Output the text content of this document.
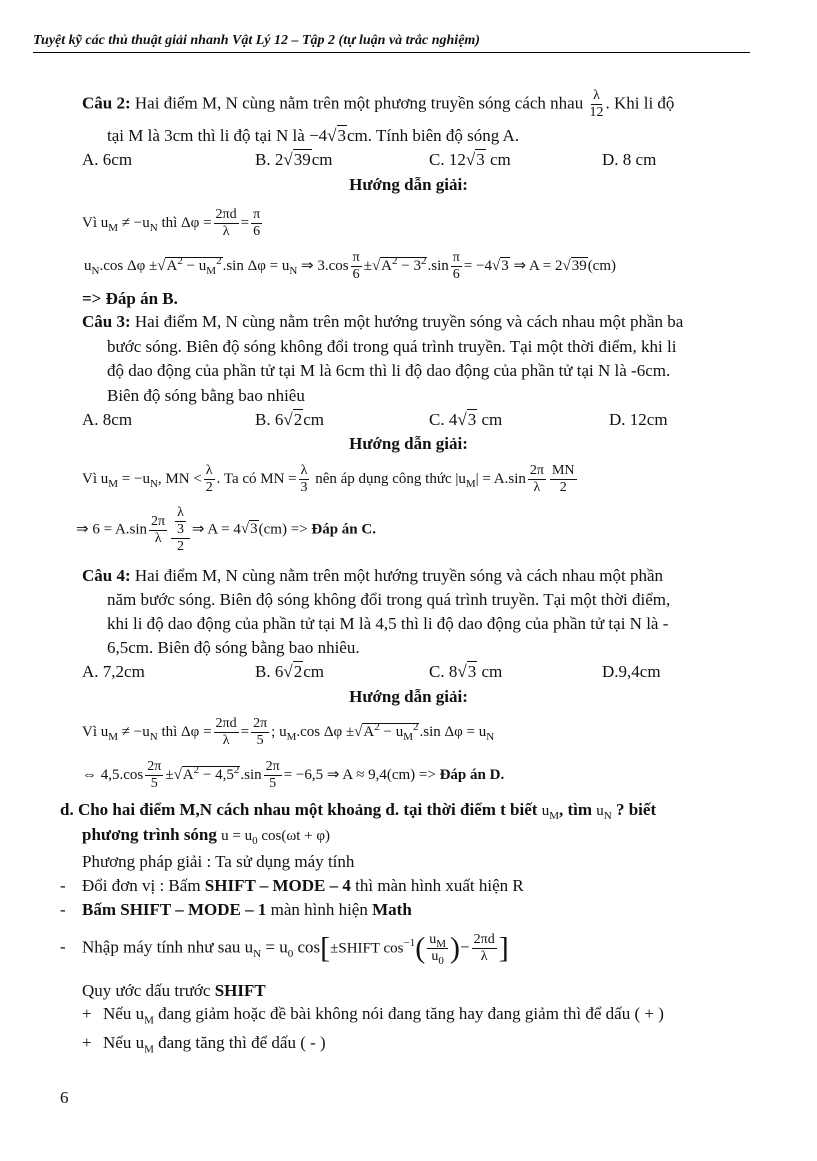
Tuyệt kỹ các thủ thuật giải nhanh Vật Lý 12 – Tập 2 (tự luận và trắc nghiệm)
Câu 2: Hai điểm M, N cùng nằm trên một phương truyền sóng cách nhau $\frac{\lambda}{12}$ . Khi li độ
tại M là 3cm thì li độ tại N là −4√3cm. Tính biên độ sóng A.
A. 6cm	B. 2√39cm	C. 12√3 cm	D. 8 cm
Hướng dẫn giải:
Vì $u_M \ne -u_N$ thì $\Delta\varphi = \frac{2\pi d}{\lambda} = \frac{\pi}{6}$
$u_N.\cos$ $\Delta\varphi \pm√A^2 - u_M^2.\sin$ $\Delta\varphi = u_N$ ⇒ $3.\cos \frac{\pi}{6} \pm√A^2 - 3^2.\sin \frac{\pi}{6} = -4√3$ ⇒ A = 2√39(cm)
=> Đáp án B.
Câu 3: Hai điểm M, N cùng nằm trên một hướng truyền sóng và cách nhau một phần ba
bước sóng. Biên độ sóng không đổi trong quá trình truyền. Tại một thời điểm, khi li
độ dao động của phần tử tại M là 6cm thì li độ dao động của phần tử tại N là -6cm.
Biên độ sóng bằng bao nhiêu
A. 8cm	B. 6√2cm	C. 4√3 cm	D. 12cm
Hướng dẫn giải:
Vì $u_M = -u_N$, MN < $\frac{\lambda}{2}$ . Ta có MN = $\frac{\lambda}{3}$ nên áp dụng công thức $|u_M| = A.\sin \frac{2\pi}{\lambda} \frac{MN}{2}$
⇒ $6 = A.\sin \frac{2\pi}{\lambda} \frac{\frac{\lambda}{3}}{2}$ ⇒ A = 4√3(cm) => Đáp án C.
Câu 4: Hai điểm M, N cùng nằm trên một hướng truyền sóng và cách nhau một phần
năm bước sóng. Biên độ sóng không đổi trong quá trình truyền. Tại một thời điểm,
khi li độ dao động của phần tử tại M là 4,5 thì li độ dao động của phần tử tại N là -
6,5cm. Biên độ sóng bằng bao nhiêu.
A. 7,2cm	B. 6√2cm	C. 8√3 cm	D.9,4cm
Hướng dẫn giải:
Vì $u_M \ne -u_N$ thì $\Delta\varphi = \frac{2\pi d}{\lambda} = \frac{2\pi}{5}$ ; $u_M.\cos$ $\Delta\varphi \pm√A^2 - u_M^2.\sin$ $\Delta\varphi = u_N$
⇔ $4,5.\cos \frac{2\pi}{5} \pm√A^2 - 4,5^2.\sin \frac{2\pi}{5} = -6,5$ ⇒ A ≈ 9,4(cm) => Đáp án D.
d. Cho hai điểm M,N cách nhau một khoảng d. tại thời điểm t biết $u_M$, tìm $u_N$ ? biết
phương trình sóng $u = u_0$ cos(ωt + φ)
Phương pháp giải : Ta sử dụng máy tính
- Đổi đơn vị : Bấm SHIFT – MODE – 4 thì màn hình xuất hiện R
- Bấm SHIFT – MODE – 1 màn hình hiện Math
- Nhập máy tính như sau $u_N = u_0$ cos[±SHIFT $\cos^{-1}( \frac{u_M}{u_0}$ )− $\frac{2\pi d}{\lambda}$ ]
Quy ước dấu trước SHIFT
+ Nếu $u_M$ đang giảm hoặc đề bài không nói đang tăng hay đang giảm thì để dấu ( + )
+ Nếu $u_M$ đang tăng thì để dấu ( - )
6
